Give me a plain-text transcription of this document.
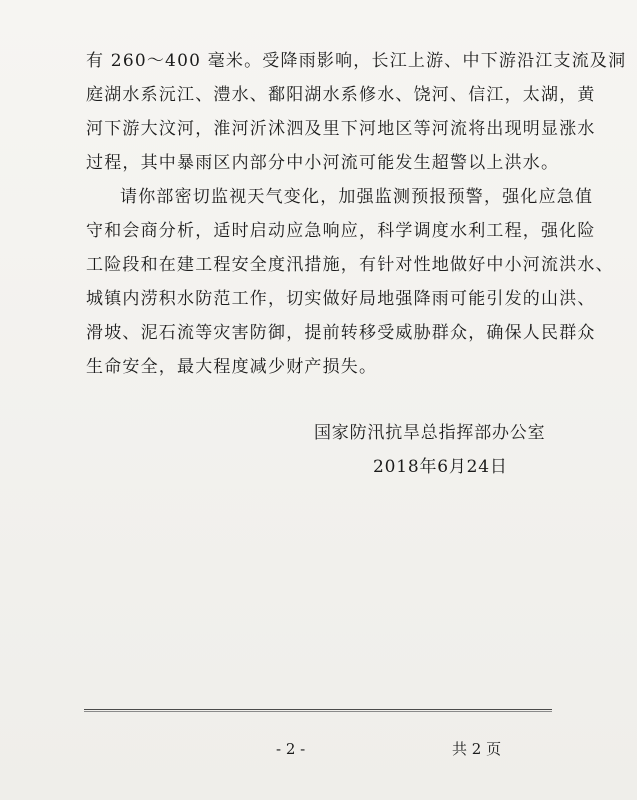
有 260～400 毫米。受降雨影响，长江上游、中下游沿江支流及洞
庭湖水系沅江、澧水、鄱阳湖水系修水、饶河、信江，太湖，黄
河下游大汶河，淮河沂沭泗及里下河地区等河流将出现明显涨水
过程，其中暴雨区内部分中小河流可能发生超警以上洪水。
请你部密切监视天气变化，加强监测预报预警，强化应急值
守和会商分析，适时启动应急响应，科学调度水利工程，强化险
工险段和在建工程安全度汛措施，有针对性地做好中小河流洪水、
城镇内涝积水防范工作，切实做好局地强降雨可能引发的山洪、
滑坡、泥石流等灾害防御，提前转移受威胁群众，确保人民群众
生命安全，最大程度减少财产损失。
国家防汛抗旱总指挥部办公室
2018年6月24日
- 2 -	共 2 页
